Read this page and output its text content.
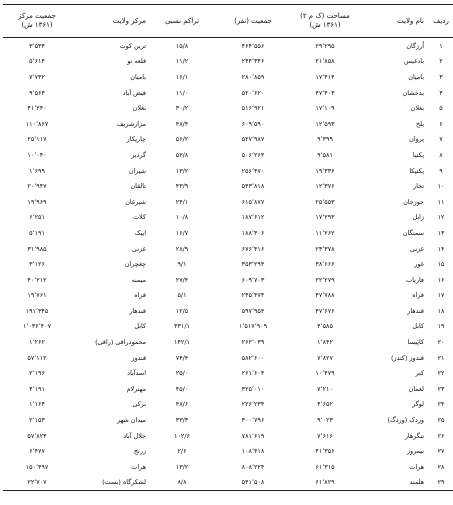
ردیف	نام ولایت	مساحت (ک م ۲)
(۱۳۶۱ ش)	جمعیت (نفر)	تراکم نسبی	مرکز ولایت	جمعیت مرکز
(۱۳۶۱ ش)

۱	اُرزگان	۲۹٬۲۹۵	۴۶۴٬۵۵۶	۱۵/۸	ترین کوت	۳٬۵۳۴
۲	بادغیس	۲۱٬۸۵۸	۲۴۴٬۳۴۶	۱۱/۲	قلعه نو	۵٬۶۱۴
۳	بامیان	۱۷٬۴۱۴	۲۸۰٬۸۵۹	۱۶/۱	بامیان	۷٬۷۳۲
۴	بدخشان	۴۷٬۴۰۳	۵۲۰٬۶۲۰	۱۱/۰	فیض آباد	۹٬۵۶۴
۵	بغلان	۱۷٬۱۰۹	۵۱۶٬۹۲۱	۳۰/۲	بغلان	۴۱٬۲۴۰
۶	بلخ	۱۲٬۵۹۳	۶۰۹٬۵۹۰	۴۸/۴	مزارشریف	۱۱۰٬۸۶۷
۷	پروان	۹٬۳۹۹	۵۲۷٬۹۸۷	۵۶/۲	چاریکار	۲۵٬۱۱۷
۸	پکتیا	۹٬۵۸۱	۵۰۶٬۲۶۴	۵۲/۸	گردیز	۱۰٬۰۴۰
۹	پکتیکا	۱۹٬۳۳۶	۲۵۶٬۴۷۰	۱۳/۲	شیران	۱٬۶۹۹
۱۰	تخار	۱۲٬۳۷۶	۵۴۳٬۸۱۸	۴۳/۹	تالقان	۲۰٬۹۴۷
۱۱	جوزجان	۲۵٬۵۵۳	۶۱۵٬۸۷۷	۲۴/۱	شبرغان	۱۹٬۹۶۹
۱۲	زابل	۱۷٬۲۹۳	۱۸۷٬۶۱۲	۱۰/۸	کلات	۶٬۲۵۱
۱۳	سمنگان	۱۱٬۲۶۲	۱۸۸٬۳۰۶	۱۶/۷	ایبک	۵٬۱۹۱
۱۴	غزنی	۲۳٬۳۷۸	۶۷۶٬۴۱۶	۲۸/۹	غزنی	۳۱٬۹۸۵
۱۵	غور	۳۸٬۶۶۶	۳۵۳٬۲۹۴	۹/۱	چغچران	۳٬۱۲۶
۱۶	فاریاب	۲۲٬۲۷۹	۶۰۹٬۷۰۳	۲۷/۴	میمنه	۴۰٬۲۱۲
۱۷	فراه	۴۷٬۷۸۸	۲۴۵٬۴۷۴	۵/۱	فراه	۱۹٬۷۶۱
۱۸	قندهار	۴۷٬۶۷۶	۵۹۷٬۹۵۴	۱۲/۵	قندهار	۱۹۱٬۳۴۵
۱۹	کابل	۴٬۵۸۵	۱٬۵۱۷٬۹۰۹	۳۳۱/۱	کابل	۱٬۰۳۶٬۴۰۷
۲۰	کاپیسا	۱٬۸۴۲	۲۶۲٬۰۳۹	۱۴۲/۱	محمودراقی (راقی)	۱٬۲۶۲
۲۱	قندوز (کندز)	۷٬۸۲۷	۵۸۲٬۶۰۰	۷۴/۴	قندوز	۵۷٬۱۱۲
۲۲	کنر	۱۰٬۴۷۹	۲۶۱٬۶۰۴	۲۵/۰	اسدآباد	۲٬۱۹۶
۲۳	لغمان	۷٬۲۱۰	۳۲۵٬۰۱۰	۴۵/۰	مهترلام	۴٬۱۹۱
۲۴	لوگر	۴٬۶۵۲	۲۲۶٬۲۳۴	۴۸/۶	برکی	۱٬۱۶۴
۲۵	وردک (وردگ)	۹٬۰۲۳	۳۰۰٬۷۹۶	۳۳/۳	میدان شهر	۲٬۱۵۳
۲۶	ننگرهار	۷٬۶۱۶	۷۸۱٬۶۱۹	۱۰۲/۶	جلال آباد	۵۷٬۸۲۴
۲۷	نیمروز	۴۱٬۳۵۶	۱۰۸٬۴۱۸	۲/۶	زرنج	۶٬۴۷۷
۲۸	هرات	۶۱٬۳۱۵	۸۰۸٬۲۲۴	۱۳/۲	هرات	۱۵۰٬۴۹۷
۲۹	هلمند	۶۱٬۸۲۹	۵۴۱٬۵۰۸	۸/۸	لشکرگاه (بست)	۲۲٬۷۰۷
